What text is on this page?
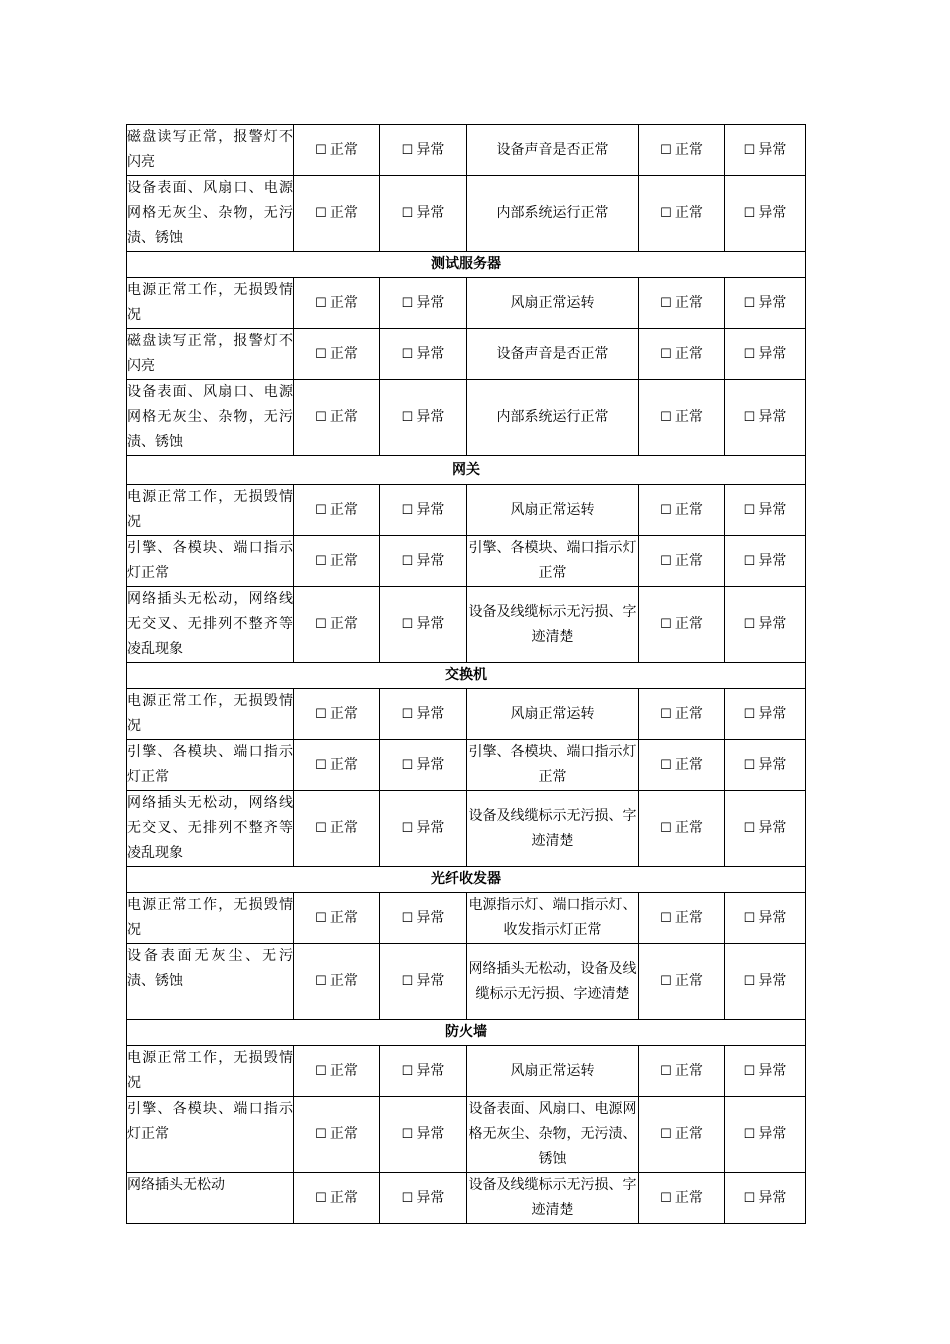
磁盘读写正常，报警灯不闪亮	☐ 正常	☐ 异常	设备声音是否正常	☐ 正常	☐ 异常
设备表面、风扇口、电源网格无灰尘、杂物，无污渍、锈蚀	☐ 正常	☐ 异常	内部系统运行正常	☐ 正常	☐ 异常
测试服务器					
电源正常工作，无损毁情况	☐ 正常	☐ 异常	风扇正常运转	☐ 正常	☐ 异常
磁盘读写正常，报警灯不闪亮	☐ 正常	☐ 异常	设备声音是否正常	☐ 正常	☐ 异常
设备表面、风扇口、电源网格无灰尘、杂物，无污渍、锈蚀	☐ 正常	☐ 异常	内部系统运行正常	☐ 正常	☐ 异常
网关					
电源正常工作，无损毁情况	☐ 正常	☐ 异常	风扇正常运转	☐ 正常	☐ 异常
引擎、各模块、端口指示灯正常	☐ 正常	☐ 异常	引擎、各模块、端口指示灯正常	☐ 正常	☐ 异常
网络插头无松动，网络线无交叉、无排列不整齐等凌乱现象	☐ 正常	☐ 异常	设备及线缆标示无污损、字迹清楚	☐ 正常	☐ 异常
交换机					
电源正常工作，无损毁情况	☐ 正常	☐ 异常	风扇正常运转	☐ 正常	☐ 异常
引擎、各模块、端口指示灯正常	☐ 正常	☐ 异常	引擎、各模块、端口指示灯正常	☐ 正常	☐ 异常
网络插头无松动，网络线无交叉、无排列不整齐等凌乱现象	☐ 正常	☐ 异常	设备及线缆标示无污损、字迹清楚	☐ 正常	☐ 异常
光纤收发器					
电源正常工作，无损毁情况	☐ 正常	☐ 异常	电源指示灯、端口指示灯、收发指示灯正常	☐ 正常	☐ 异常
设备表面无灰尘、无污渍、锈蚀	☐ 正常	☐ 异常	网络插头无松动，设备及线缆标示无污损、字迹清楚	☐ 正常	☐ 异常
防火墙					
电源正常工作，无损毁情况	☐ 正常	☐ 异常	风扇正常运转	☐ 正常	☐ 异常
引擎、各模块、端口指示灯正常	☐ 正常	☐ 异常	设备表面、风扇口、电源网格无灰尘、杂物，无污渍、锈蚀	☐ 正常	☐ 异常
网络插头无松动	☐ 正常	☐ 异常	设备及线缆标示无污损、字迹清楚	☐ 正常	☐ 异常
